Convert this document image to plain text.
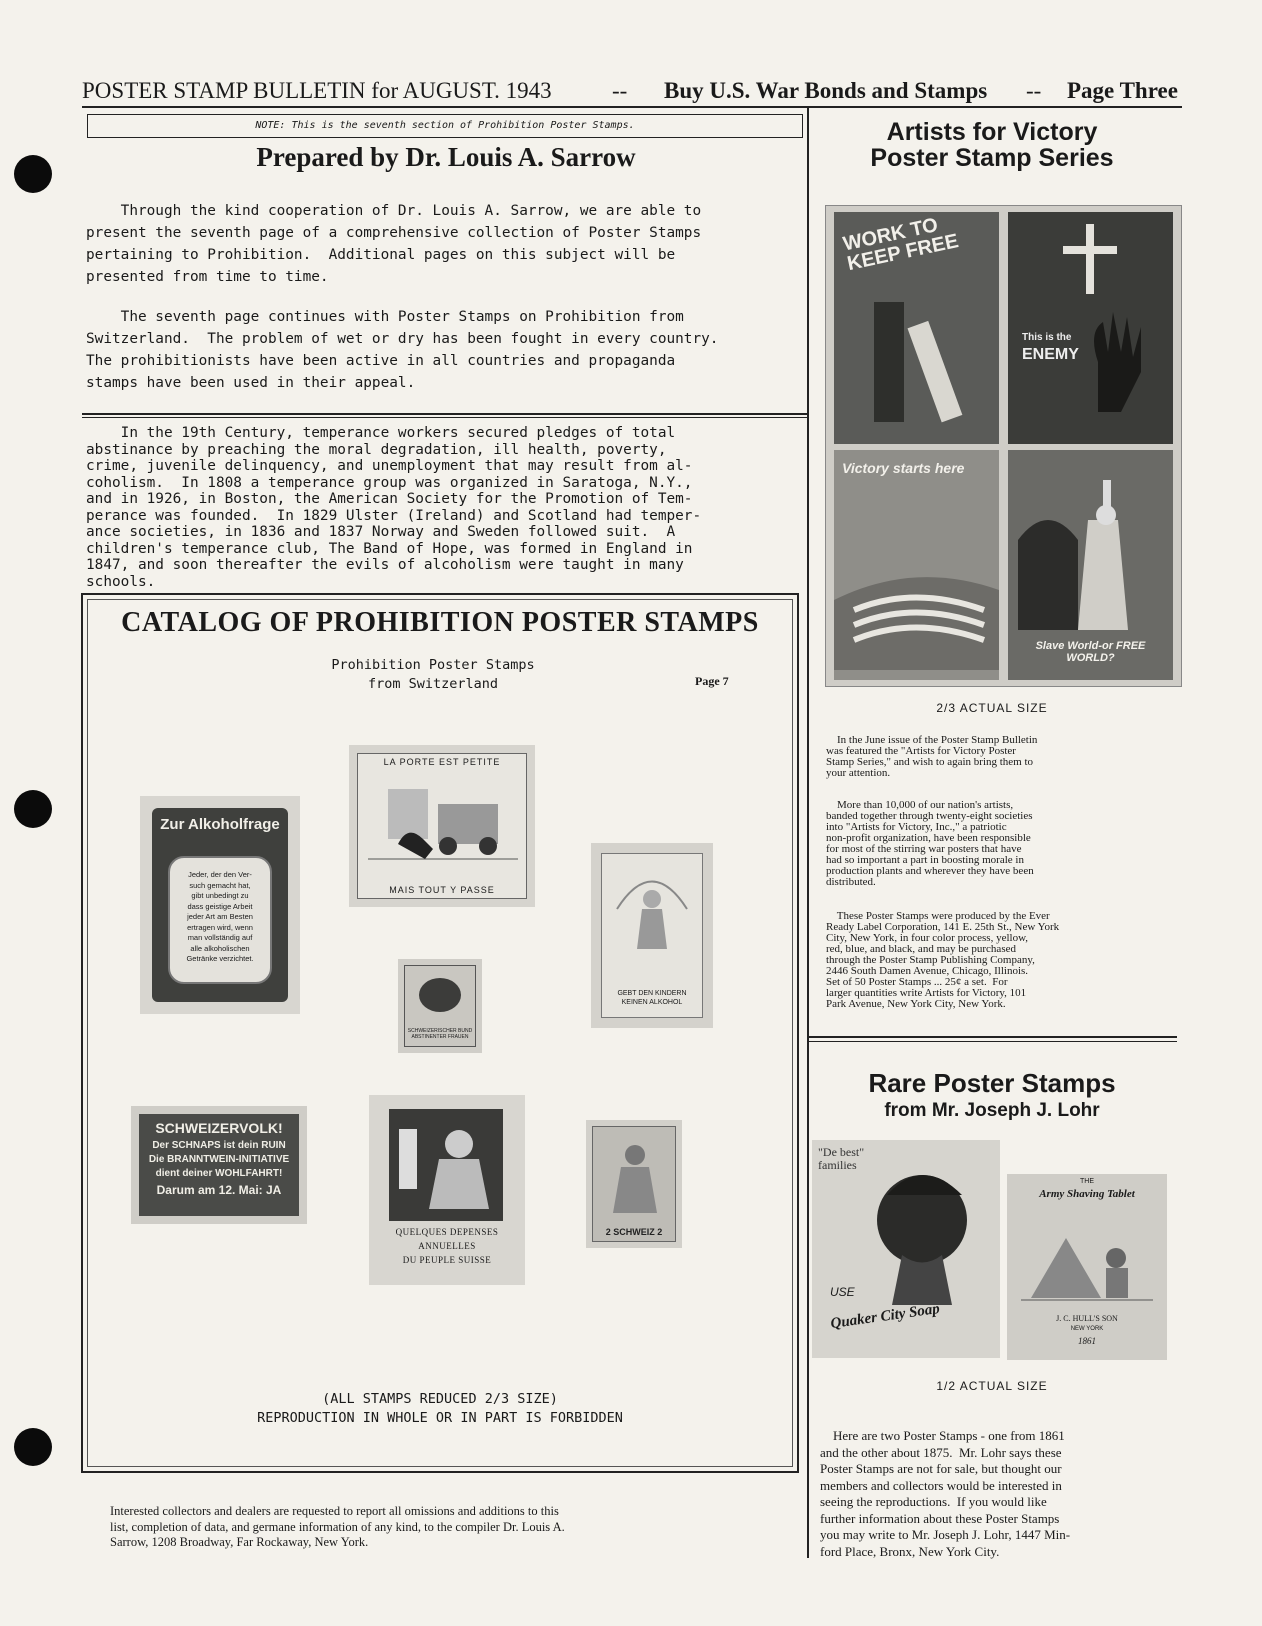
POSTER STAMP BULLETIN for AUGUST. 1943	-- Buy U.S. War Bonds and Stamps -- Page Three
NOTE: This is the seventh section of Prohibition Poster Stamps.
Prepared by Dr. Louis A. Sarrow
Through the kind cooperation of Dr. Louis A. Sarrow, we are able to
present the seventh page of a comprehensive collection of Poster Stamps
pertaining to Prohibition.  Additional pages on this subject will be
presented from time to time.
The seventh page continues with Poster Stamps on Prohibition from
Switzerland.  The problem of wet or dry has been fought in every country.
The prohibitionists have been active in all countries and propaganda
stamps have been used in their appeal.
In the 19th Century, temperance workers secured pledges of total
abstinance by preaching the moral degradation, ill health, poverty,
crime, juvenile delinquency, and unemployment that may result from al-
coholism.  In 1808 a temperance group was organized in Saratoga, N.Y.,
and in 1926, in Boston, the American Society for the Promotion of Tem-
perance was founded.  In 1829 Ulster (Ireland) and Scotland had temper-
ance societies, in 1836 and 1837 Norway and Sweden followed suit.  A
children's temperance club, The Band of Hope, was formed in England in
1847, and soon thereafter the evils of alcoholism were taught in many
schools.
CATALOG OF PROHIBITION POSTER STAMPS
Prohibition Poster Stamps
from Switzerland	Page 7
Zur Alkoholfrage
Jeder, der den Ver-
such gemacht hat,
gibt unbedingt zu
dass geistige Arbeit
jeder Art am Besten
ertragen wird, wenn
man vollständig auf
alle alkoholischen
Getränke verzichtet.
LA PORTE EST PETITE
MAIS TOUT Y PASSE
GEBT DEN KINDERN
KEINEN ALKOHOL
SCHWEIZERISCHER BUND
ABSTINENTER FRAUEN
SCHWEIZERVOLK!
Der SCHNAPS ist dein RUIN
Die BRANNTWEIN-INITIATIVE
dient deiner WOHLFAHRT!
Darum am 12. Mai: JA
QUELQUES DEPENSES
ANNUELLES
DU PEUPLE SUISSE
2 SCHWEIZ 2
(ALL STAMPS REDUCED 2/3 SIZE)
REPRODUCTION IN WHOLE OR IN PART IS FORBIDDEN
Interested collectors and dealers are requested to report all omissions and additions to this
list, completion of data, and germane information of any kind, to the compiler Dr. Louis A.
Sarrow, 1208 Broadway, Far Rockaway, New York.
Artists for Victory
Poster Stamp Series
WORK TO KEEP FREE
This is the
ENEMY
Victory starts here
Slave World-or FREE WORLD?
2/3 ACTUAL SIZE
In the June issue of the Poster Stamp Bulletin
was featured the "Artists for Victory Poster
Stamp Series," and wish to again bring them to
your attention.
More than 10,000 of our nation's artists,
banded together through twenty-eight societies
into "Artists for Victory, Inc.," a patriotic
non-profit organization, have been responsible
for most of the stirring war posters that have
had so important a part in boosting morale in
production plants and wherever they have been
distributed.
These Poster Stamps were produced by the Ever
Ready Label Corporation, 141 E. 25th St., New York
City, New York, in four color process, yellow,
red, blue, and black, and may be purchased
through the Poster Stamp Publishing Company,
2446 South Damen Avenue, Chicago, Illinois.
Set of 50 Poster Stamps ... 25¢ a set.  For
larger quantities write Artists for Victory, 101
Park Avenue, New York City, New York.
Rare Poster Stamps
from Mr. Joseph J. Lohr
"De best" families
USE
Quaker City Soap
THE
Army Shaving Tablet
J. C. HULL'S SON
NEW YORK
1861
1/2 ACTUAL SIZE
Here are two Poster Stamps - one from 1861
and the other about 1875.  Mr. Lohr says these
Poster Stamps are not for sale, but thought our
members and collectors would be interested in
seeing the reproductions.  If you would like
further information about these Poster Stamps
you may write to Mr. Joseph J. Lohr, 1447 Min-
ford Place, Bronx, New York City.
